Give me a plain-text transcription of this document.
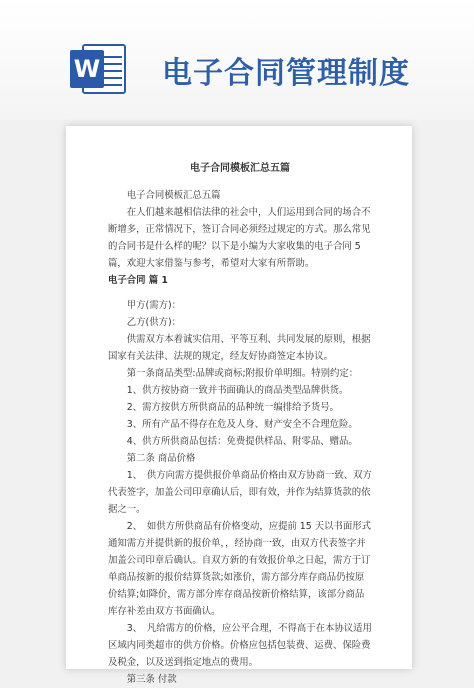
W 电子合同管理制度

电子合同模板汇总五篇

电子合同模板汇总五篇

在人们越来越相信法律的社会中，人们运用到合同的场合不断增多，正常情况下，签订合同必须经过规定的方式。那么常见的合同书是什么样的呢？以下是小编为大家收集的电子合同 5 篇，欢迎大家借鉴与参考，希望对大家有所帮助。

电子合同 篇 1

甲方(需方)：

乙方(供方)：

供需双方本着诚实信用、平等互利、共同发展的原则，根据国家有关法律、法规的规定，经友好协商签定本协议。

第一条商品类型:品牌或商标;附报价单明细。特别约定：

1、供方按协商一致并书面确认的商品类型品牌供货。

2、需方按供方所供商品的品种统一编排给予货号。

3、所有产品不得存在危及人身、财产安全不合理危险。

4、供方所供商品包括：免费提供样品、附零品、赠品。

第二条 商品价格

1、　供方向需方提供报价单商品价格由双方协商一致、双方代表签字，加盖公司印章确认后，即有效，并作为结算货款的依据之一。

2、　如供方所供商品有价格变动，应提前 15 天以书面形式通知需方并提供新的报价单，，经协商一致，由双方代表签字并加盖公司印章后确认。自双方新的有效报价单之日起，需方于订单商品按新的报价结算货款;如涨价，需方部分库存商品仍按原价结算;如降价，需方部分库存商品按新价格结算，该部分商品库存补差由双方书面确认。

3、　凡给需方的价格，应公平合理，不得高于在本协议适用区域内同类超市的供方价格。价格应包括包装费、运费、保险费及税金，以及送到指定地点的费用。

第三条 付款
